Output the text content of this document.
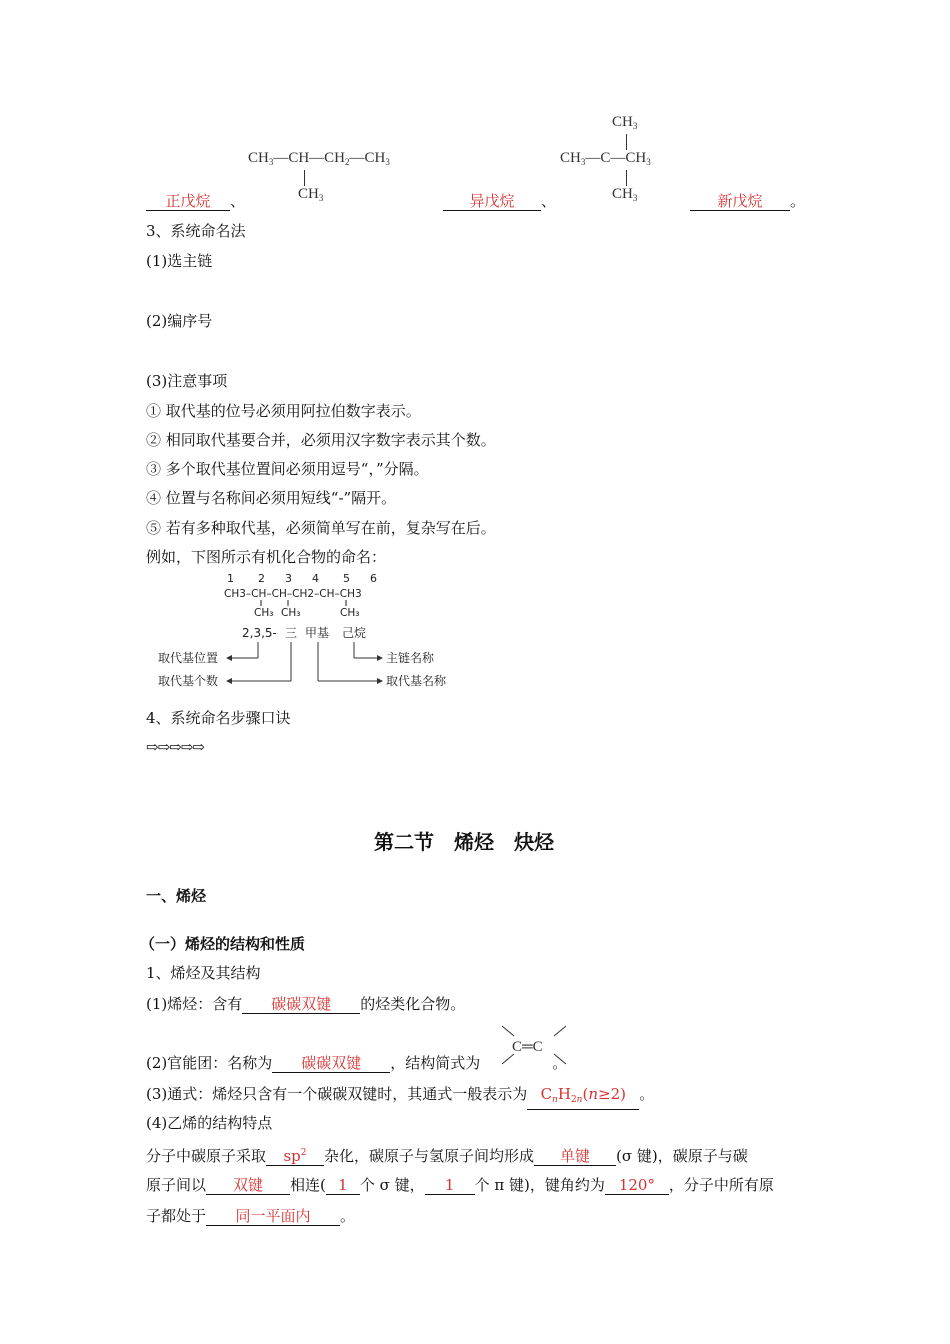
$CH_3—CH—CH_2—CH_3$
$CH_3$
$CH_3$
$CH_3—C—CH_3$
$CH_3$
正戊烷 、	异戊烷 、	新戊烷 。
3、系统命名法
(1)选主链
(2)编序号
(3)注意事项
① 取代基的位号必须用阿拉伯数字表示。
② 相同取代基要合并，必须用汉字数字表示其个数。
③ 多个取代基位置间必须用逗号“，”分隔。
④ 位置与名称间必须用短线“-”隔开。
⑤ 若有多种取代基，必须简单写在前，复杂写在后。
例如，下图所示有机化合物的命名：
1 2 3 4 5 6
CH3–CH–CH–CH2–CH–CH3
CH₃ CH₃	CH₃
2,3,5- 三 甲基 己烷
取代基位置
取代基个数
主链名称
取代基名称
4、系统命名步骤口诀
⇨⇨⇨⇨⇨
第二节　烯烃　炔烃
一、烯烃
（一）烯烃的结构和性质
1、烯烃及其结构
(1)烯烃：含有 碳碳双键 的烃类化合物。
C═C
(2)官能团：名称为 碳碳双键 ，结构简式为	。
(3)通式：烯烃只含有一个碳碳双键时，其通式一般表示为 $C_nH_{2n}(n\ge 2)$ 。
(4)乙烯的结构特点
分子中碳原子采取 $sp^2$ 杂化，碳原子与氢原子间均形成 单键 (σ 键)，碳原子与碳
原子间以 双键 相连( 1 个 σ 键， 1 个 π 键)，键角约为 120° ，分子中所有原
子都处于 同一平面内 。
